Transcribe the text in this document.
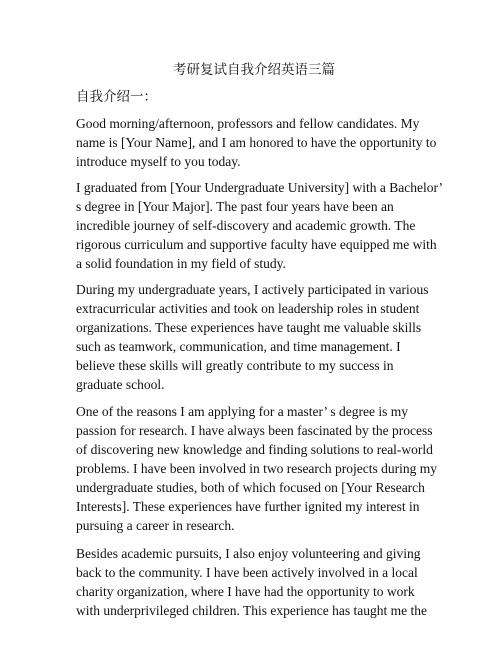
考研复试自我介绍英语三篇
自我介绍一：

Good morning/afternoon, professors and fellow candidates. My
name is [Your Name], and I am honored to have the opportunity to
introduce myself to you today.

I graduated from [Your Undergraduate University] with a Bachelor’
s degree in [Your Major]. The past four years have been an
incredible journey of self-discovery and academic growth. The
rigorous curriculum and supportive faculty have equipped me with
a solid foundation in my field of study.

During my undergraduate years, I actively participated in various
extracurricular activities and took on leadership roles in student
organizations. These experiences have taught me valuable skills
such as teamwork, communication, and time management. I
believe these skills will greatly contribute to my success in
graduate school.

One of the reasons I am applying for a master’ s degree is my
passion for research. I have always been fascinated by the process
of discovering new knowledge and finding solutions to real-world
problems. I have been involved in two research projects during my
undergraduate studies, both of which focused on [Your Research
Interests]. These experiences have further ignited my interest in
pursuing a career in research.

Besides academic pursuits, I also enjoy volunteering and giving
back to the community. I have been actively involved in a local
charity organization, where I have had the opportunity to work
with underprivileged children. This experience has taught me the
